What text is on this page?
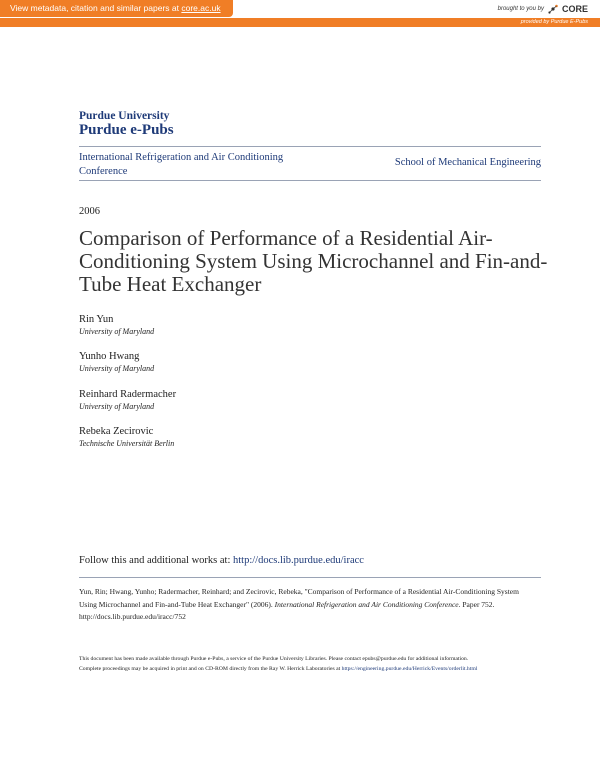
View metadata, citation and similar papers at core.ac.uk	brought to you by CORE
provided by Purdue E-Pubs
Purdue University
Purdue e-Pubs
International Refrigeration and Air Conditioning Conference
School of Mechanical Engineering
2006
Comparison of Performance of a Residential Air-Conditioning System Using Microchannel and Fin-and-Tube Heat Exchanger
Rin Yun
University of Maryland
Yunho Hwang
University of Maryland
Reinhard Radermacher
University of Maryland
Rebeka Zecirovic
Technische Universität Berlin
Follow this and additional works at: http://docs.lib.purdue.edu/iracc
Yun, Rin; Hwang, Yunho; Radermacher, Reinhard; and Zecirovic, Rebeka, "Comparison of Performance of a Residential Air-Conditioning System Using Microchannel and Fin-and-Tube Heat Exchanger" (2006). International Refrigeration and Air Conditioning Conference. Paper 752.
http://docs.lib.purdue.edu/iracc/752
This document has been made available through Purdue e-Pubs, a service of the Purdue University Libraries. Please contact epubs@purdue.edu for additional information.
Complete proceedings may be acquired in print and on CD-ROM directly from the Ray W. Herrick Laboratories at https://engineering.purdue.edu/Herrick/Events/orderlit.html
